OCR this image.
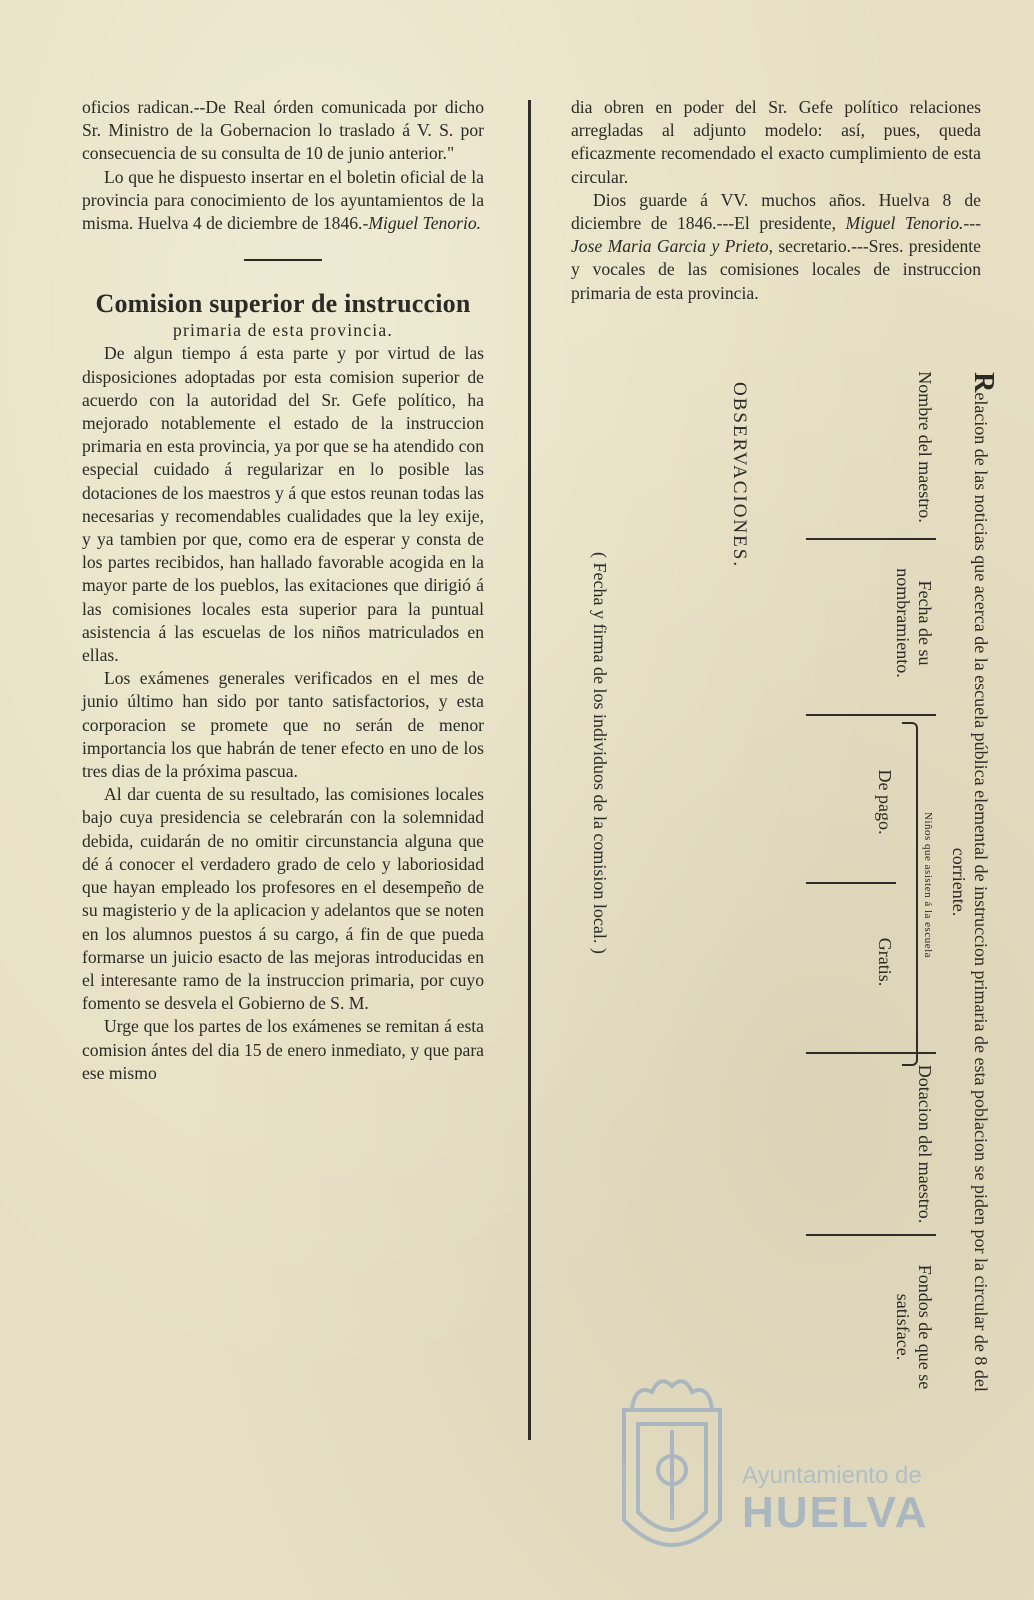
oficios radican.--De Real órden comunicada por dicho Sr. Ministro de la Gobernacion lo traslado á V. S. por consecuencia de su consulta de 10 de junio anterior."

Lo que he dispuesto insertar en el boletin oficial de la provincia para conocimiento de los ayuntamientos de la misma. Huelva 4 de diciembre de 1846.-Miguel Tenorio.

Comision superior de instruccion

primaria de esta provincia.

De algun tiempo á esta parte y por virtud de las disposiciones adoptadas por esta comision superior de acuerdo con la autoridad del Sr. Gefe político, ha mejorado notablemente el estado de la instruccion primaria en esta provincia, ya por que se ha atendido con especial cuidado á regularizar en lo posible las dotaciones de los maestros y á que estos reunan todas las necesarias y recomendables cualidades que la ley exije, y ya tambien por que, como era de esperar y consta de los partes recibidos, han hallado favorable acogida en la mayor parte de los pueblos, las exitaciones que dirigió á las comisiones locales esta superior para la puntual asistencia á las escuelas de los niños matriculados en ellas.

Los exámenes generales verificados en el mes de junio último han sido por tanto satisfactorios, y esta corporacion se promete que no serán de menor importancia los que habrán de tener efecto en uno de los tres dias de la próxima pascua.

Al dar cuenta de su resultado, las comisiones locales bajo cuya presidencia se celebrarán con la solemnidad debida, cuidarán de no omitir circunstancia alguna que dé á conocer el verdadero grado de celo y laboriosidad que hayan empleado los profesores en el desempeño de su magisterio y de la aplicacion y adelantos que se noten en los alumnos puestos á su cargo, á fin de que pueda formarse un juicio esacto de las mejoras introducidas en el interesante ramo de la instruccion primaria, por cuyo fomento se desvela el Gobierno de S. M.

Urge que los partes de los exámenes se remitan á esta comision ántes del dia 15 de enero inmediato, y que para ese mismo

dia obren en poder del Sr. Gefe político relaciones arregladas al adjunto modelo: así, pues, queda eficazmente recomendado el exacto cumplimiento de esta circular.

Dios guarde á VV. muchos años. Huelva 8 de diciembre de 1846.---El presidente, Miguel Tenorio.---Jose Maria Garcia y Prieto, secretario.---Sres. presidente y vocales de las comisiones locales de instruccion primaria de esta provincia.

Relacion de las noticias que acerca de la escuela pública elemental de instruccion primaria de esta poblacion se piden por la circular de 8 del corriente.
Nombre del maestro.
Fecha de su nombramiento.
Niños que asisten á la escuela
De pago.
Gratis.
Dotacion del maestro.
Fondos de que se satisface.
OBSERVACIONES.
( Fecha y firma de los individuos de la comision local. )
Ayuntamiento de
HUELVA
